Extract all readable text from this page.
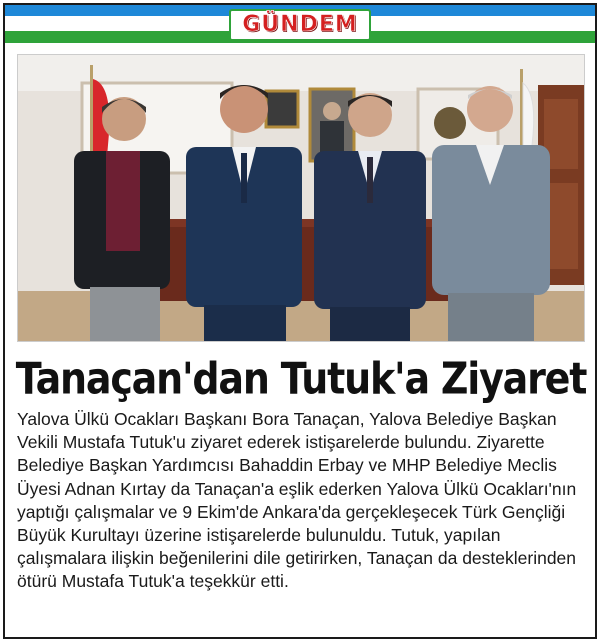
GÜNDEM
Tanaçan'dan Tutuk'a Ziyaret

Yalova Ülkü Ocakları Başkanı Bora Tanaçan, Yalova Belediye Başkan Vekili Mustafa Tutuk'u ziyaret ederek istişarelerde bulundu. Ziyarette Belediye Başkan Yardımcısı Bahaddin Erbay ve MHP Belediye Meclis Üyesi Adnan Kırtay da Tanaçan'a eşlik ederken Yalova Ülkü Ocakları'nın yaptığı çalışmalar ve 9 Ekim'de Ankara'da gerçekleşecek Türk Gençliği Büyük Kurultayı üzerine istişarelerde bulunuldu. Tutuk, yapılan çalışmalara ilişkin beğenilerini dile getirirken, Tanaçan da desteklerinden ötürü Mustafa Tutuk'a teşekkür etti.
